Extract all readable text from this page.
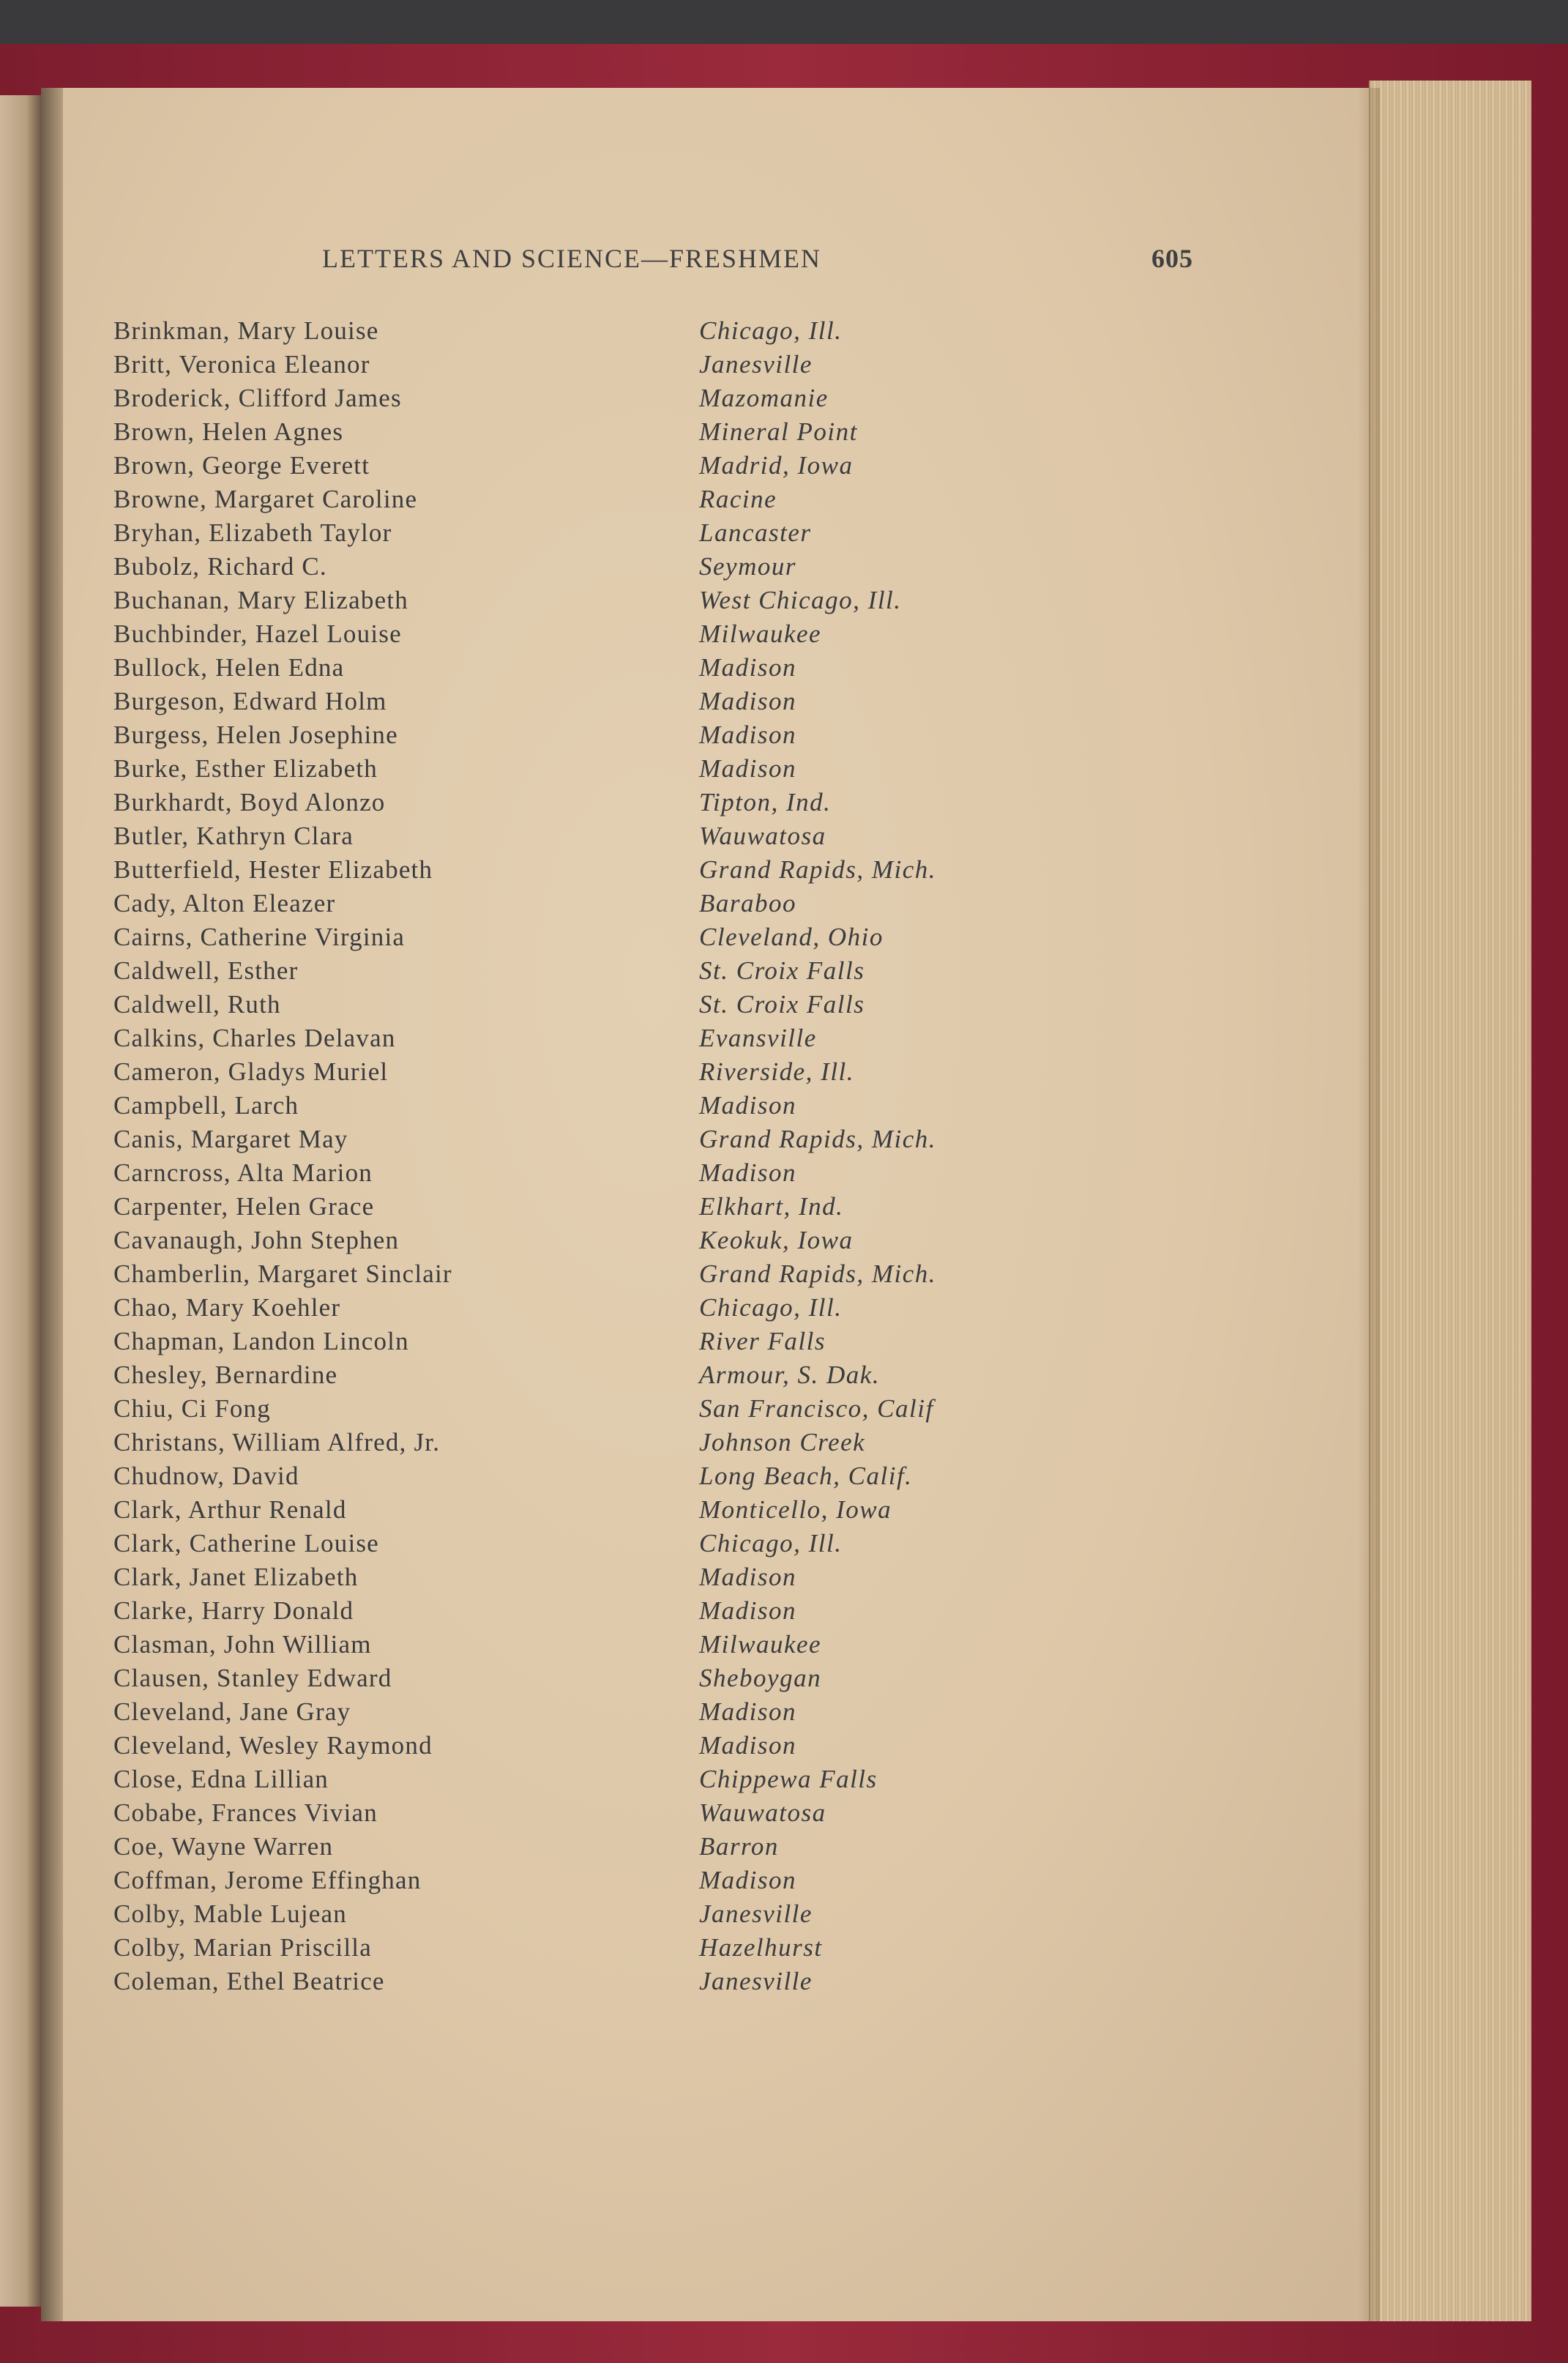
LETTERS AND SCIENCE—FRESHMEN	605
Brinkman, Mary Louise	Chicago, Ill.
Britt, Veronica Eleanor	Janesville
Broderick, Clifford James	Mazomanie
Brown, Helen Agnes	Mineral Point
Brown, George Everett	Madrid, Iowa
Browne, Margaret Caroline	Racine
Bryhan, Elizabeth Taylor	Lancaster
Bubolz, Richard C.	Seymour
Buchanan, Mary Elizabeth	West Chicago, Ill.
Buchbinder, Hazel Louise	Milwaukee
Bullock, Helen Edna	Madison
Burgeson, Edward Holm	Madison
Burgess, Helen Josephine	Madison
Burke, Esther Elizabeth	Madison
Burkhardt, Boyd Alonzo	Tipton, Ind.
Butler, Kathryn Clara	Wauwatosa
Butterfield, Hester Elizabeth	Grand Rapids, Mich.
Cady, Alton Eleazer	Baraboo
Cairns, Catherine Virginia	Cleveland, Ohio
Caldwell, Esther	St. Croix Falls
Caldwell, Ruth	St. Croix Falls
Calkins, Charles Delavan	Evansville
Cameron, Gladys Muriel	Riverside, Ill.
Campbell, Larch	Madison
Canis, Margaret May	Grand Rapids, Mich.
Carncross, Alta Marion	Madison
Carpenter, Helen Grace	Elkhart, Ind.
Cavanaugh, John Stephen	Keokuk, Iowa
Chamberlin, Margaret Sinclair	Grand Rapids, Mich.
Chao, Mary Koehler	Chicago, Ill.
Chapman, Landon Lincoln	River Falls
Chesley, Bernardine	Armour, S. Dak.
Chiu, Ci Fong	San Francisco, Calif
Christans, William Alfred, Jr.	Johnson Creek
Chudnow, David	Long Beach, Calif.
Clark, Arthur Renald	Monticello, Iowa
Clark, Catherine Louise	Chicago, Ill.
Clark, Janet Elizabeth	Madison
Clarke, Harry Donald	Madison
Clasman, John William	Milwaukee
Clausen, Stanley Edward	Sheboygan
Cleveland, Jane Gray	Madison
Cleveland, Wesley Raymond	Madison
Close, Edna Lillian	Chippewa Falls
Cobabe, Frances Vivian	Wauwatosa
Coe, Wayne Warren	Barron
Coffman, Jerome Effinghan	Madison
Colby, Mable Lujean	Janesville
Colby, Marian Priscilla	Hazelhurst
Coleman, Ethel Beatrice	Janesville
